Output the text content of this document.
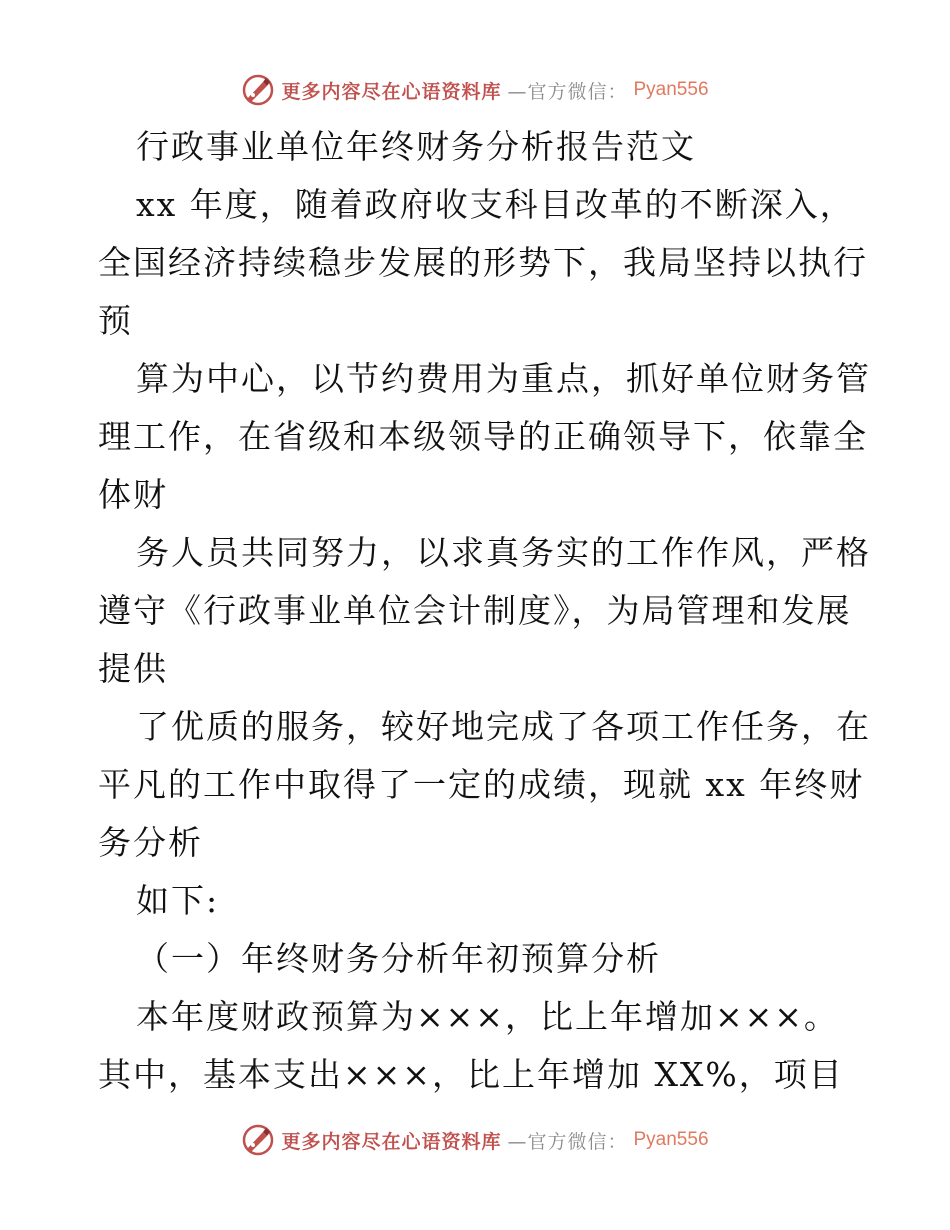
更多内容尽在心语资料库 —官方微信： Pyan556
行政事业单位年终财务分析报告范文
xx 年度，随着政府收支科目改革的不断深入，
全国经济持续稳步发展的形势下，我局坚持以执行
预
算为中心，以节约费用为重点，抓好单位财务管
理工作，在省级和本级领导的正确领导下，依靠全
体财
务人员共同努力，以求真务实的工作作风，严格
遵守《行政事业单位会计制度》，为局管理和发展
提供
了优质的服务，较好地完成了各项工作任务，在
平凡的工作中取得了一定的成绩，现就 xx 年终财
务分析
如下:
（一）年终财务分析年初预算分析
本年度财政预算为×××，比上年增加×××。
其中，基本支出×××，比上年增加 XX%，项目
更多内容尽在心语资料库 —官方微信： Pyan556
